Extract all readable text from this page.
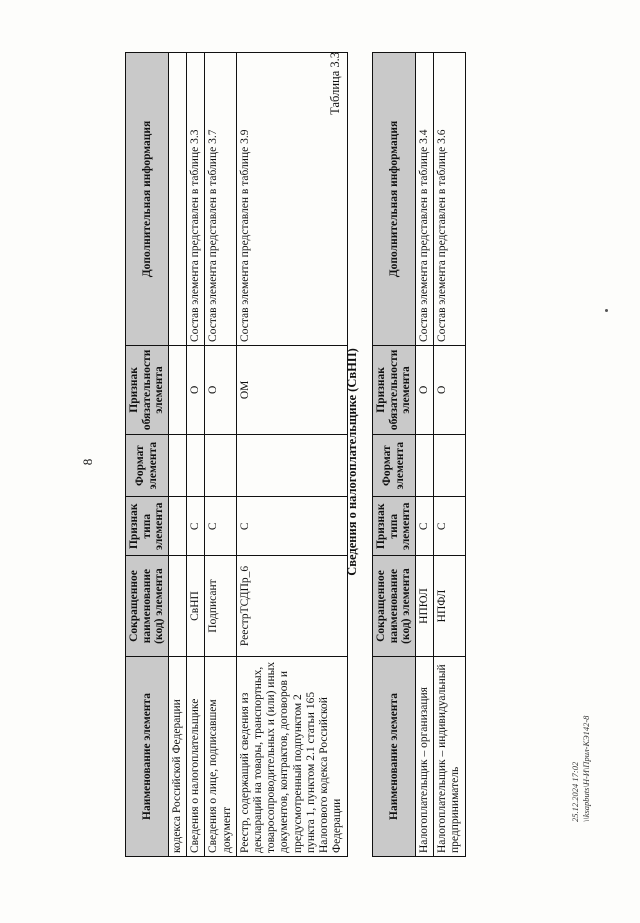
8
Наименование элемента	Сокращенное наименование (код) элемента	Признак типа элемента	Формат элемента	Признак обязательности элемента	Дополнительная информация
кодекса Российской Федерации					
Сведения о налогоплательщике	СвНП	С		О	Состав элемента представлен в таблице 3.3
Сведения о лице, подписавшем документ	Подписант	С		О	Состав элемента представлен в таблице 3.7
Реестр, содержащий сведения из деклараций на товары, транспортных, товаросопроводительных и (или) иных документов, контрактов, договоров и предусмотренный подпунктом 2 пункта 1, пунктом 2.1 статьи 165 Налогового кодекса Российской Федерации	РеестрТСДПр_6	С		ОМ	Состав элемента представлен в таблице 3.9
Таблица 3.3
Сведения о налогоплательщике (СвНП)
Наименование элемента	Сокращенное наименование (код) элемента	Признак типа элемента	Формат элемента	Признак обязательности элемента	Дополнительная информация
Налогоплательщик – организация	НПЮЛ	С		О	Состав элемента представлен в таблице 3.4
Налогоплательщик – индивидуальный предприниматель	НПФЛ	С		О	Состав элемента представлен в таблице 3.6
25.12.2024 17:02 \\ksapbuts\Н-И\Прил-КЭ142-8
